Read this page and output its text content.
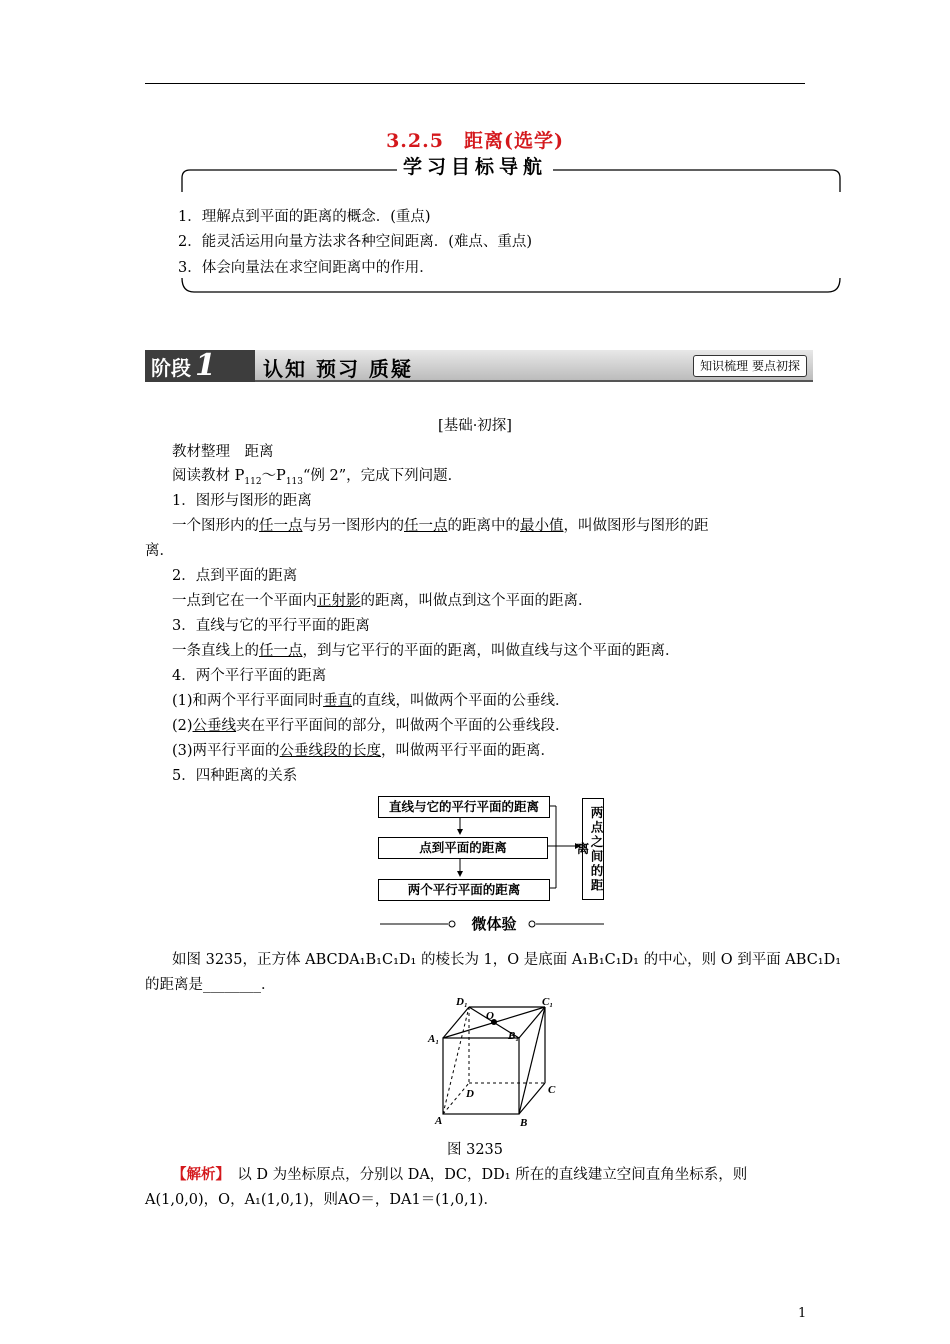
3.2.5　距离(选学)
学习目标导航
1．理解点到平面的距离的概念．(重点)
2．能灵活运用向量方法求各种空间距离．(难点、重点)
3．体会向量法在求空间距离中的作用．
阶段 1	认知 预习 质疑	知识梳理 要点初探
[基础·初探]
教材整理　距离
阅读教材 $P_{112}\sim P_{113}“$例 2”，完成下列问题．
1．图形与图形的距离
一个图形内的任一点与另一图形内的任一点的距离中的最小值，叫做图形与图形的距
离．
2．点到平面的距离
一点到它在一个平面内正射影的距离，叫做点到这个平面的距离．
3．直线与它的平行平面的距离
一条直线上的任一点，到与它平行的平面的距离，叫做直线与这个平面的距离．
4．两个平行平面的距离
(1)和两个平行平面同时垂直的直线，叫做两个平面的公垂线．
(2)公垂线夹在平行平面间的部分，叫做两个平面的公垂线段．
(3)两平行平面的公垂线段的长度，叫做两平行平面的距离．
5．四种距离的关系
直线与它的平行平面的距离
点到平面的距离
两个平行平面的距离	两点之间的距离
微体验
如图 3235，正方体 ABCDA₁B₁C₁D₁ 的棱长为 1，O 是底面 A₁B₁C₁D₁ 的中心，则 O 到平面 ABC₁D₁
的距离是________．
D₁	C₁
O
B₁
A₁
D	C
A	B
图 3235
【解析】　以 D 为坐标原点，分别以 DA，DC，DD₁ 所在的直线建立空间直角坐标系，则
A(1,0,0)，O，A₁(1,0,1)，则AO＝，DA1＝(1,0,1)．
1
